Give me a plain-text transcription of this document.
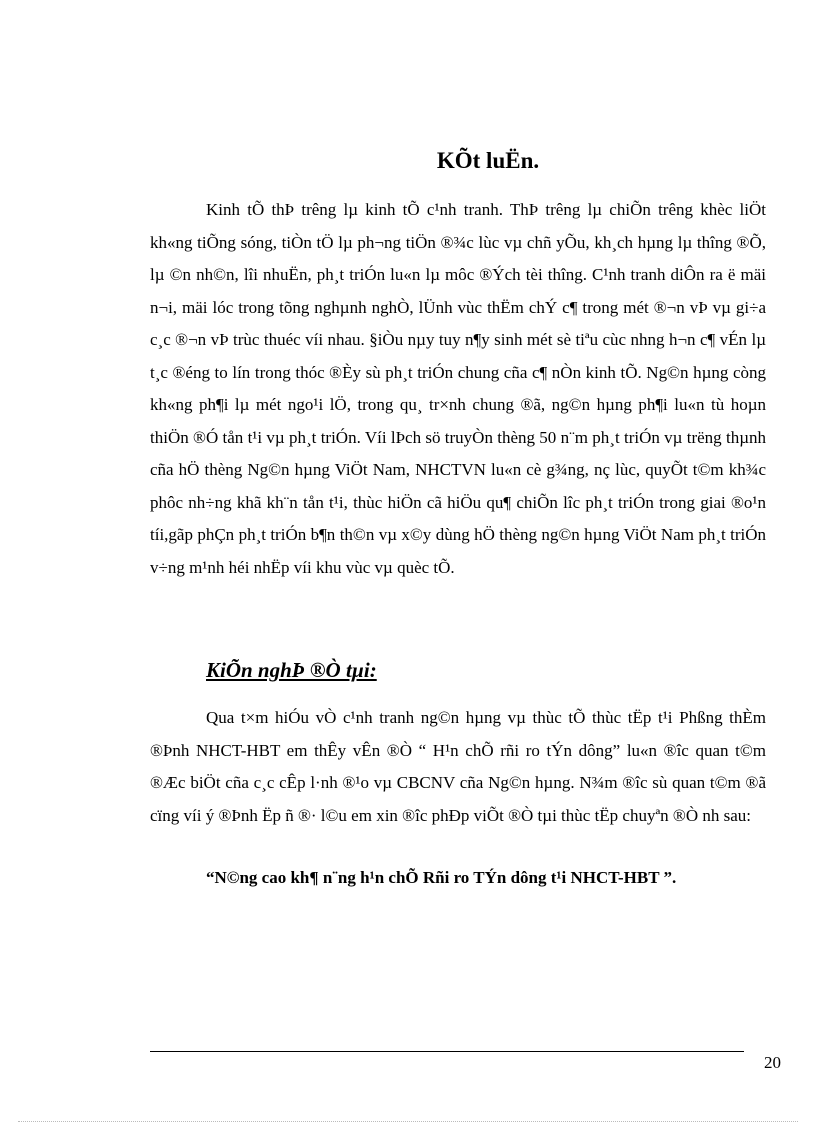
KÕt luËn.
Kinh tÕ thÞ trêng lµ kinh tÕ c¹nh tranh. ThÞ trêng lµ chiÕn trêng khèc liÖt kh«ng tiÕng sóng, tiÒn tÖ lµ ph¬ng tiÖn ®¾c lùc vµ chñ yÕu, kh¸ch hµng lµ thîng ®Õ, lµ ©n nh©n, lîi nhuËn, ph¸t triÓn lu«n lµ môc ®Ých tèi thîng. C¹nh tranh diÔn ra ë mäi n¬i, mäi lóc trong tõng nghµnh nghÒ, lÜnh vùc thËm chÝ c¶ trong mét ®¬n vÞ vµ gi÷a c¸c ®¬n vÞ trùc thuéc víi nhau. §iÒu nµy tuy n¶y sinh mét sè tiªu cùc nhng h¬n c¶ vÉn lµ t¸c ®éng to lín trong thóc ®Èy sù ph¸t triÓn chung cña c¶ nÒn kinh tÕ. Ng©n hµng còng kh«ng ph¶i lµ mét ngo¹i lÖ, trong qu¸ tr×nh chung ®ã, ng©n hµng ph¶i lu«n tù hoµn thiÖn ®Ó tån t¹i vµ ph¸t triÓn. Víi lÞch sö truyÒn thèng 50 n¨m ph¸t triÓn vµ trëng thµnh cña hÖ thèng Ng©n hµng ViÖt Nam, NHCTVN lu«n cè g¾ng, nç lùc, quyÕt t©m kh¾c phôc nh÷ng khã kh¨n tån t¹i, thùc hiÖn cã hiÖu qu¶ chiÕn lîc ph¸t triÓn trong giai ®o¹n tíi,gãp phÇn ph¸t triÓn b¶n th©n vµ x©y dùng hÖ thèng ng©n hµng ViÖt Nam ph¸t triÓn v÷ng m¹nh héi nhËp víi khu vùc vµ quèc tÕ.
KiÕn nghÞ ®Ò tµi:
Qua t×m hiÓu vÒ c¹nh tranh ng©n hµng vµ thùc tÕ thùc tËp t¹i Phßng thÈm ®Þnh NHCT-HBT em thÊy vÊn ®Ò “ H¹n chÕ rñi ro tÝn dông” lu«n ®îc quan t©m ®Æc biÖt cña c¸c cÊp l·nh ®¹o vµ CBCNV cña Ng©n hµng. N¾m ®îc sù quan t©m ®ã cïng víi ý ®Þnh Ëp ñ ®· l©u em xin ®îc phÐp viÕt ®Ò tµi thùc tËp chuyªn ®Ò nh sau:
“N©ng cao kh¶ n¨ng h¹n chÕ Rñi ro TÝn dông t¹i NHCT-HBT ”.
20
